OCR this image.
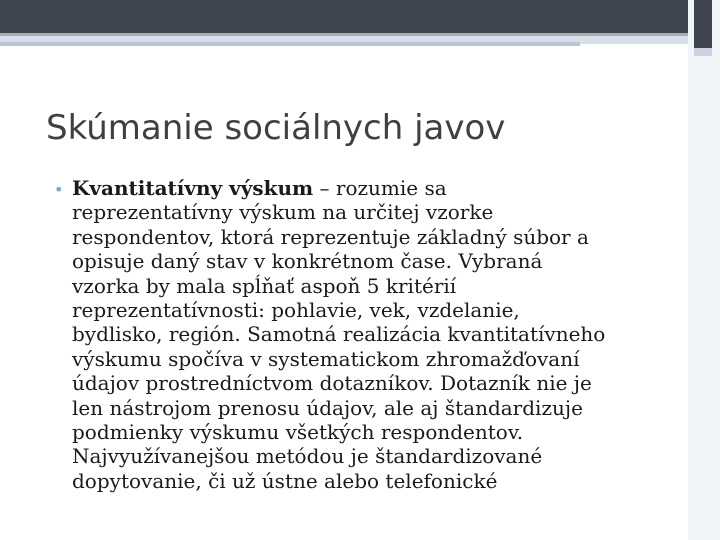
Skúmanie sociálnych javov
• Kvantitatívny výskum – rozumie sa
reprezentatívny výskum na určitej vzorke
respondentov, ktorá reprezentuje základný súbor a
opisuje daný stav v konkrétnom čase. Vybraná
vzorka by mala spĺňať aspoň 5 kritérií
reprezentatívnosti: pohlavie, vek, vzdelanie,
bydlisko, región. Samotná realizácia kvantitatívneho
výskumu spočíva v systematickom zhromažďovaní
údajov prostredníctvom dotazníkov. Dotazník nie je
len nástrojom prenosu údajov, ale aj štandardizuje
podmienky výskumu všetkých respondentov.
Najvyužívanejšou metódou je štandardizované
dopytovanie, či už ústne alebo telefonické
